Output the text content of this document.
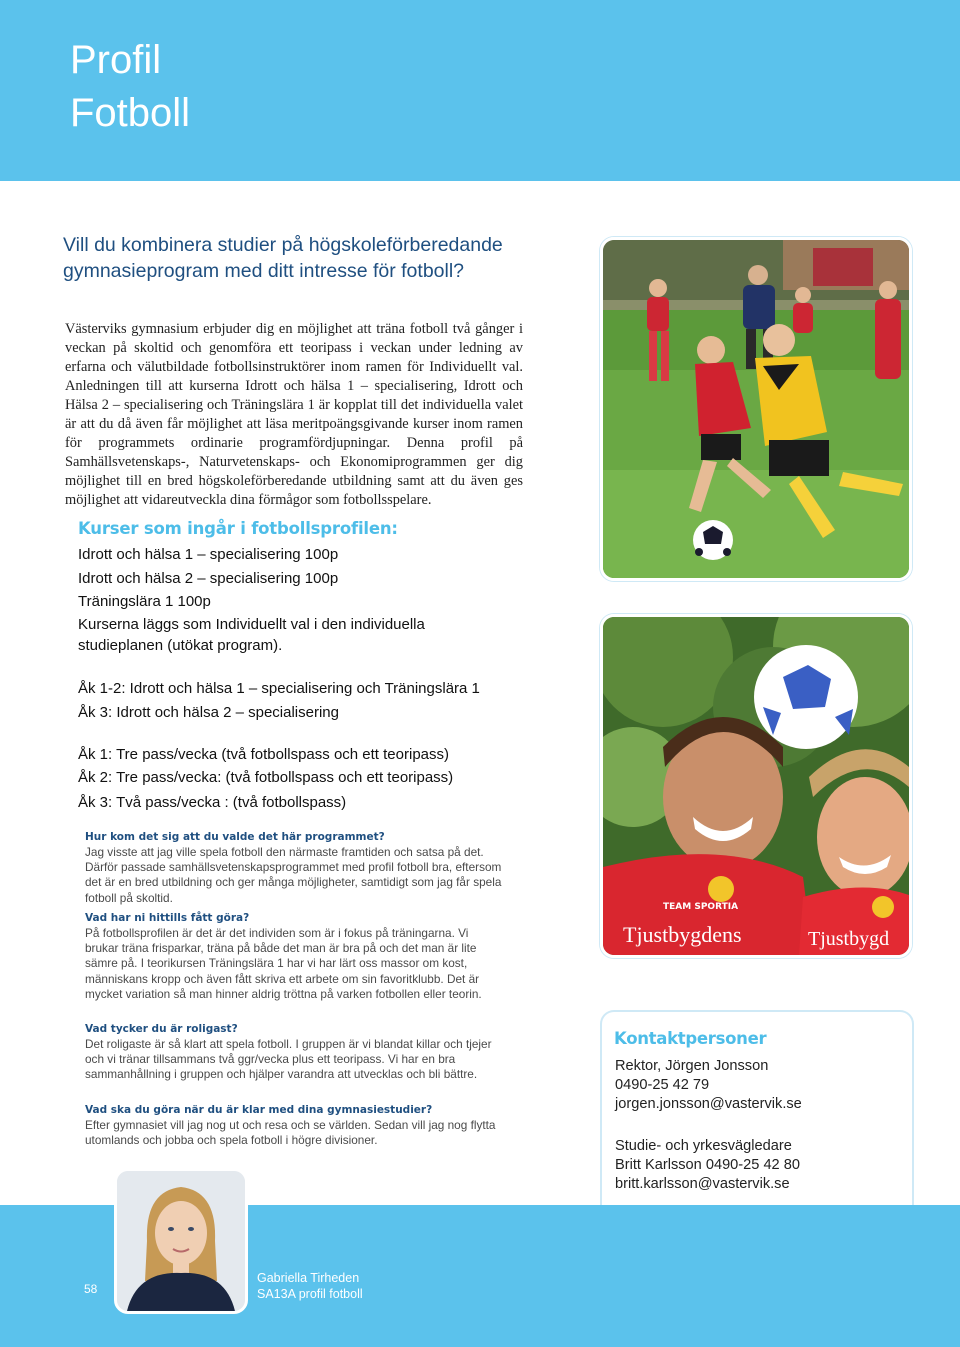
Profil
Fotboll
Vill du kombinera studier på högskoleförberedande gymnasieprogram med ditt intresse för fotboll?
Västerviks gymnasium erbjuder dig en möjlighet att träna fotboll två gånger i veckan på skoltid och genomföra ett teoripass i veckan under ledning av erfarna och välutbildade fotbollsinstruktörer inom ramen för Individuellt val. Anledningen till att kurserna Idrott och hälsa 1 – specialisering, Idrott och Hälsa 2 – specialisering och Träningslära 1 är kopplat till det individuella valet är att du då även får möjlighet att läsa meritpoängsgivande kurser inom ramen för programmets ordinarie programfördjupningar. Denna profil på Samhällsvetenskaps-, Naturvetenskaps- och Ekonomiprogrammen ger dig möjlighet till en bred högskoleförberedande utbildning samt att du även ges möjlighet att vidareutveckla dina förmågor som fotbollsspelare.
Kurser som ingår i fotbollsprofilen:
Idrott och hälsa 1 – specialisering 100p
Idrott och hälsa 2 – specialisering 100p
Träningslära 1 100p
Kurserna läggs som Individuellt val i den individuella studieplanen (utökat program).
Åk 1-2: Idrott och hälsa 1 – specialisering och Träningslära 1
Åk 3: Idrott och hälsa 2 – specialisering
Åk 1: Tre pass/vecka (två fotbollspass och ett teoripass)
Åk 2: Tre pass/vecka: (två fotbollspass och ett teoripass)
Åk 3: Två pass/vecka : (två fotbollspass)
Hur kom det sig att du valde det här programmet?
Jag visste att jag ville spela fotboll den närmaste framtiden och satsa på det. Därför passade samhällsvetenskapsprogrammet med profil fotboll bra, eftersom det är en bred utbildning och ger många möjligheter, samtidigt som jag får spela fotboll på skoltid.
Vad har ni hittills fått göra?
På fotbollsprofilen är det är det individen som är i fokus på träningarna. Vi brukar träna frisparkar, träna på både det man är bra på och det man är lite sämre på. I teorikursen Träningslära 1 har vi har lärt oss massor om kost, människans kropp och även fått skriva ett arbete om sin favoritklubb. Det är mycket variation så man hinner aldrig tröttna på varken fotbollen eller teorin.
Vad tycker du är roligast?
Det roligaste är så klart att spela fotboll. I gruppen är vi blandat killar och tjejer och vi tränar tillsammans två ggr/vecka plus ett teoripass. Vi har en bra sammanhållning i gruppen och hjälper varandra att utvecklas och bli bättre.
Vad ska du göra när du är klar med dina gymnasiestudier?
Efter gymnasiet vill jag nog ut och resa och se världen. Sedan vill jag nog flytta utomlands och jobba och spela fotboll i högre divisioner.
TEAM SPORTIA
Tjustbygdens	Tjustbygd
Kontaktpersoner
Rektor, Jörgen Jonsson
0490-25 42 79
jorgen.jonsson@vastervik.se
Studie- och yrkesvägledare
Britt Karlsson 0490-25 42 80
britt.karlsson@vastervik.se
58
Gabriella Tirheden
SA13A profil fotboll
